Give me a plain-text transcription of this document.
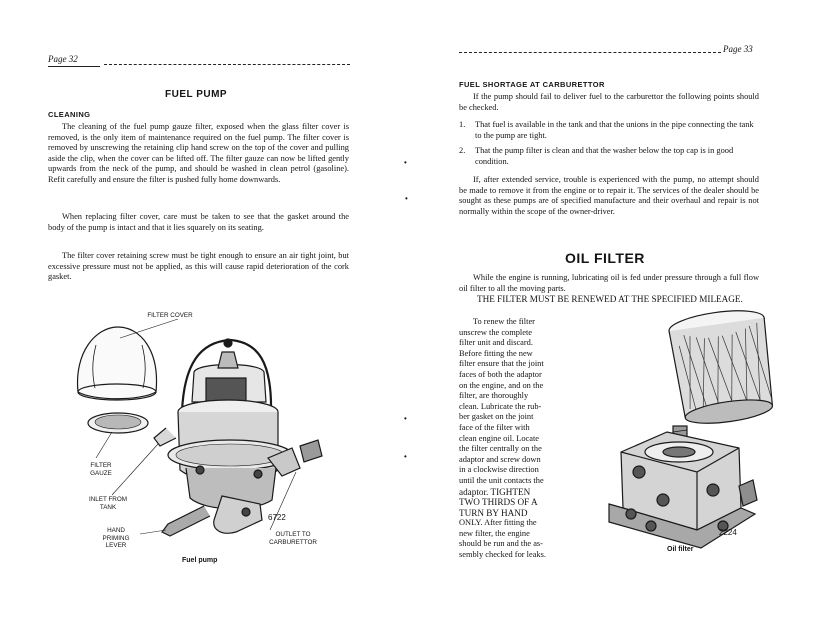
Page 32
FUEL PUMP
CLEANING

The cleaning of the fuel pump gauze filter, exposed when the glass filter cover is removed, is the only item of maintenance required on the fuel pump. The filter cover is removed by unscrewing the retaining clip hand screw on the top of the cover and pulling aside the clip, when the cover can be lifted off. The filter gauze can now be lifted gently upwards from the neck of the pump, and should be washed in clean petrol (gasoline). Refit carefully and ensure the filter is pushed fully home downwards.

When replacing filter cover, care must be taken to see that the gasket around the body of the pump is intact and that it lies squarely on its seating.

The filter cover retaining screw must be tight enough to ensure an air tight joint, but excessive pressure must not be applied, as this will cause rapid deterioration of the cork gasket.

FILTER COVER
FILTER GAUZE
INLET FROM TANK
HAND PRIMING LEVER
OUTLET TO CARBURETTOR
6722
Fuel pump
•
•
•
•
Page 33
FUEL SHORTAGE AT CARBURETTOR

If the pump should fail to deliver fuel to the carburettor the following points should be checked.

1. That fuel is available in the tank and that the unions in the pipe connecting the tank to the pump are tight.

2. That the pump filter is clean and that the washer below the top cap is in good condition.

If, after extended service, trouble is experienced with the pump, no attempt should be made to remove it from the engine or to repair it. The services of the dealer should be sought as these pumps are of specified manufacture and their overhaul and repair is not normally within the scope of the owner-driver.

OIL FILTER

While the engine is running, lubricating oil is fed under pressure through a full flow oil filter to all the moving parts.

THE FILTER MUST BE RENEWED AT THE SPECIFIED MILEAGE.
To renew the filter
unscrew the complete
filter unit and discard.
Before fitting the new
filter ensure that the joint
faces of both the adaptor
on the engine, and on the
filter, are thoroughly
clean. Lubricate the rub-
ber gasket on the joint
face of the filter with
clean engine oil. Locate
the filter centrally on the
adaptor and screw down
in a clockwise direction
until the unit contacts the
adaptor. TIGHTEN
TWO THIRDS OF A
TURN BY HAND
ONLY. After fitting the
new filter, the engine
should be run and the as-
sembly checked for leaks.
2224
Oil filter
